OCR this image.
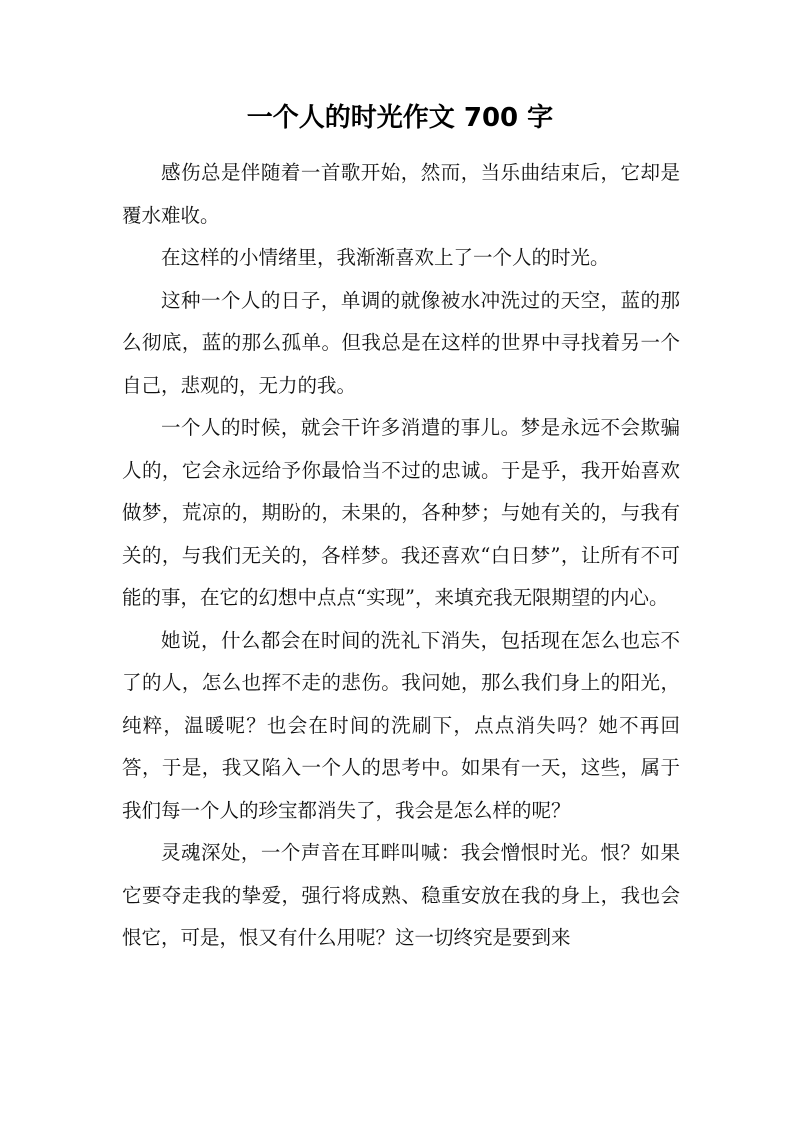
一个人的时光作文 700 字

感伤总是伴随着一首歌开始，然而，当乐曲结束后，它却是覆水难收。

在这样的小情绪里，我渐渐喜欢上了一个人的时光。

这种一个人的日子，单调的就像被水冲洗过的天空，蓝的那么彻底，蓝的那么孤单。但我总是在这样的世界中寻找着另一个自己，悲观的，无力的我。

一个人的时候，就会干许多消遣的事儿。梦是永远不会欺骗人的，它会永远给予你最恰当不过的忠诚。于是乎，我开始喜欢做梦，荒凉的，期盼的，未果的，各种梦；与她有关的，与我有关的，与我们无关的，各样梦。我还喜欢“白日梦”，让所有不可能的事，在它的幻想中点点“实现”，来填充我无限期望的内心。

她说，什么都会在时间的洗礼下消失，包括现在怎么也忘不了的人，怎么也挥不走的悲伤。我问她，那么我们身上的阳光，纯粹，温暖呢？也会在时间的洗刷下，点点消失吗？她不再回答，于是，我又陷入一个人的思考中。如果有一天，这些，属于我们每一个人的珍宝都消失了，我会是怎么样的呢？

灵魂深处，一个声音在耳畔叫喊：我会憎恨时光。恨？如果它要夺走我的挚爱，强行将成熟、稳重安放在我的身上，我也会恨它，可是，恨又有什么用呢？这一切终究是要到来
